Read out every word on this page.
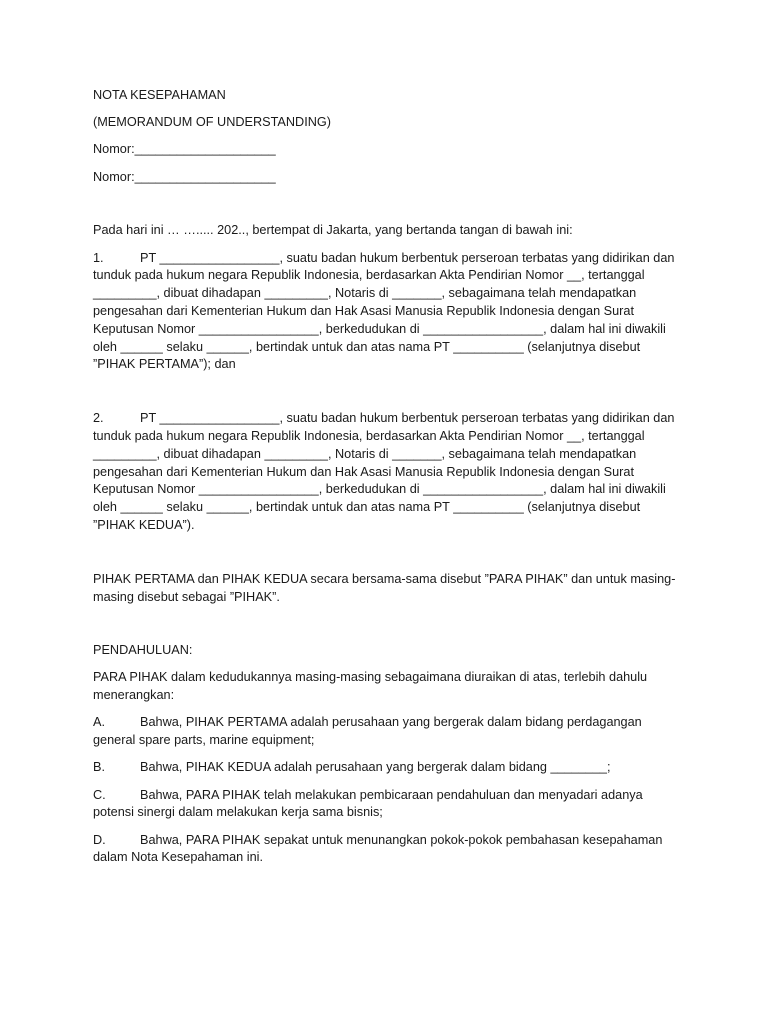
NOTA KESEPAHAMAN

(MEMORANDUM OF UNDERSTANDING)

Nomor:____________________

Nomor:____________________

Pada hari ini … …..... 202.., bertempat di Jakarta, yang bertanda tangan di bawah ini:

1.	PT _________________, suatu badan hukum berbentuk perseroan terbatas yang didirikan dan tunduk pada hukum negara Republik Indonesia, berdasarkan Akta Pendirian Nomor __, tertanggal _________, dibuat dihadapan _________, Notaris di _______, sebagaimana telah mendapatkan pengesahan dari Kementerian Hukum dan Hak Asasi Manusia Republik Indonesia dengan Surat Keputusan Nomor _________________, berkedudukan di _________________, dalam hal ini diwakili oleh ______ selaku ______, bertindak untuk dan atas nama PT __________ (selanjutnya disebut ”PIHAK PERTAMA”); dan

2.	PT _________________, suatu badan hukum berbentuk perseroan terbatas yang didirikan dan tunduk pada hukum negara Republik Indonesia, berdasarkan Akta Pendirian Nomor __, tertanggal _________, dibuat dihadapan _________, Notaris di _______, sebagaimana telah mendapatkan pengesahan dari Kementerian Hukum dan Hak Asasi Manusia Republik Indonesia dengan Surat Keputusan Nomor _________________, berkedudukan di _________________, dalam hal ini diwakili oleh ______ selaku ______, bertindak untuk dan atas nama PT __________ (selanjutnya disebut ”PIHAK KEDUA”).

PIHAK PERTAMA dan PIHAK KEDUA secara bersama-sama disebut ”PARA PIHAK” dan untuk masing-masing disebut sebagai ”PIHAK”.

PENDAHULUAN:

PARA PIHAK dalam kedudukannya masing-masing sebagaimana diuraikan di atas, terlebih dahulu menerangkan:

A.	Bahwa, PIHAK PERTAMA adalah perusahaan yang bergerak dalam bidang perdagangan general spare parts, marine equipment;

B.	Bahwa, PIHAK KEDUA adalah perusahaan yang bergerak dalam bidang ________;

C.	Bahwa, PARA PIHAK telah melakukan pembicaraan pendahuluan dan menyadari adanya potensi sinergi dalam melakukan kerja sama bisnis;

D.	Bahwa, PARA PIHAK sepakat untuk menunangkan pokok-pokok pembahasan kesepahaman dalam Nota Kesepahaman ini.
